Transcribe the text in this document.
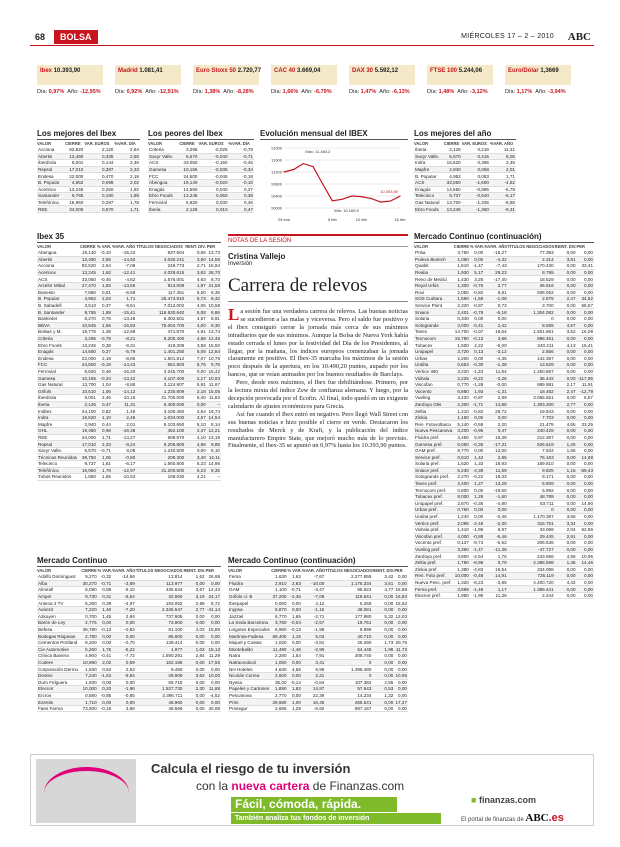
68	BOLSA	MIÉRCOLES 17 – 2 – 2010 ABC
Ibex 10.393,90
Día: 0,97% Año: -12,95%
Madrid 1.081,41
Día: 0,92% Año: -12,91%
Euro Stoxx 50 2.720,77
Día: 1,38% Año: -8,28%
CAC 40 3.669,04
Día: 1,66% Año: -6,79%
DAX 30 5.592,12
Día: 1,47% Año: -6,13%
FTSE 100 5.244,06
Día: 1,48% Año: -3,12%
Euro/Dólar 1,3669
Día: 1,17% Año: -3,94%
Los mejores del Ibex
VALOR	CIERRE	VAR. EUROS	%VAR. DÍA
Acciona	82,520	2,120	2,64
Abertis	13,490	0,335	2,55
Iberdrola	6,001	0,144	2,46
Repsol	17,010	0,387	2,33
Endesa	22,000	0,470	2,18
B. Popular	4,952	0,098	2,02
Acerinox	13,245	0,250	1,92
Santander	9,765	0,180	1,88
Telefónica	16,950	0,297	1,78
REE	34,000	0,570	1,71
Los peores del Ibex
VALOR	CIERRE	VAR. EUROS	%VAR. DÍA
Criteria	3,295	-0,026	-0,78
Sacyr Valle.	5,570	-0,040	-0,71
ACS	33,050	-0,150	-0,45
Gamesa	10,155	-0,035	-0,34
FCC	24,500	-0,045	-0,18
Abengoa	19,140	-0,020	-0,10
Enagás	14,550	0,040	0,27
Ebro Foods	13,245	0,050	0,38
Ferrovial	6,620	0,030	0,46
Iberia	2,126	0,010	0,47
Evolución mensual del IBEX
12000
11600
11200
10800
10400
10000
29 ene	5 feb	10 feb	16 feb
Máx: 11.483,2
Mín: 10.169,9
10.393,90
Los mejores del año
VALOR	CIERRE	VAR. EUROS	%VAR. AÑO
Iberia	2,126	0,216	11,31
Sacyr Valle.	5,570	0,415	8,05
Indra	16,520	0,395	2,45
Mapfre	2,940	0,058	2,01
B. Popular	4,952	0,083	1,71
ACS	33,050	-1,600	-4,62
Enagás	14,550	-0,895	-5,79
Telecinco	9,737	-0,640	-6,17
Gas Natural	13,700	-1,335	-8,88
Ebro Foods	13,245	-1,360	-9,31
Ibex 35
VALOR	CIERRE	% VAR.	%VAR. AÑO	TÍTULOS NEGOCIADOS	RENT. DIV.	PER
Abengoa	19,140	-0,10	-15,22	837.504	0,65	13,73
Abertis	13,490	2,55	-14,50	4.030.241	3,50	14,55
Acciona	82,520	2,64	-7,06	249.773	2,71	16,94
Acerinox	13,245	1,92	-12,41	4.028.615	3,62	28,70
ACS	33,050	-0,45	-4,62	1.576.001	4,63	8,73
Arcelor Mittal	27,470	1,82	-13,55	913.008	1,97	21,58
Banesto	7,880	0,51	-6,59	117.451	5,50	8,35
B. Popular	4,952	2,02	1,71	25.474.910	5,73	9,32
B. Sabadell	3,513	0,37	-9,51	7.012.002	4,05	10,58
B. Santander	9,765	1,88	-15,41	116.830.640	6,08	8,86
Bankinter	6,270	0,76	-13,48	6.302.501	4,57	8,91
BBVA	10,545	1,56	-16,83	75.004.700	4,00	9,30
Bolsas y M.	19,775	1,38	-12,69	471.870	4,91	13,74
Criteria	3,295	-0,78	-8,21	8.200.400	4,68	12,46
Ebro Foods	13,245	0,38	-9,31	419.308	3,58	15,50
Enagás	14,550	0,27	-5,79	1.401.250	5,08	12,84
Endesa	22,000	2,18	-8,85	1.501.812	7,07	10,76
FCC	24,500	-0,18	-14,43	681.803	5,76	9,76
Ferrovial	6,620	0,46	-16,20	3.245.700	0,00	15,42
Gamesa	10,155	-0,34	-13,42	4.107.400	2,17	10,93
Gas Natural	13,700	1,04	-8,88	3.124.907	5,91	11,67
Grifols	10,510	1,06	-14,12	1.230.809	2,18	15,05
Iberdrola	6,001	2,46	-10,15	41.700.000	5,40	11,83
Iberia	2,126	0,47	11,31	6.400.000	0,00	–
Inditex	44,100	0,82	1,49	3.100.450	2,64	19,74
Indra	16,520	1,10	2,45	1.034.000	3,57	14,54
Mapfre	2,940	0,44	2,01	9.103.650	5,10	8,14
OHL	19,480	0,98	-16,38	452.100	2,47	12,21
REE	34,000	1,71	-13,27	608.570	4,10	13,18
Repsol	17,010	2,33	-9,24	9.206.800	4,98	9,85
Sacyr Valle.	5,570	-0,71	8,05	1.240.500	0,00	8,10
Técnicas Reunidas	39,750	1,05	-0,80	208.300	3,40	12,11
Telecinco	9,737	1,81	-6,17	1.560.800	5,23	14,96
Telefónica	16,950	1,78	-12,97	31.200.500	6,23	9,35
Tubos Reunidos	1,850	1,65	-10,63	109.030	4,21	–
Mercado Continuo
VALOR	CIERRE	% VAR.	%VAR. AÑO	TÍTULOS NEGOCIADOS	REINT. DIV.	PER
Adolfo Domínguez	9,270	-0,32	-14,96	13.814	1,62	26,68
Alba	30,270	-0,71	-3,89	113.977	0,00	0,00
Almirall	8,090	0,88	-9,10	435.634	3,67	12,43
Amper	9,730	0,31	-5,54	32.660	3,19	24,17
Antena 3 TV	5,260	0,39	-4,97	193.062	2,99	8,72
Avánzit	7,220	1,40	-7,20	2.345.547	2,77	-41,14
Azkoyen	0,700	1,45	2,94	737.806	0,00	0,00
Barón de Ley	2,775	0,00	0,00	73.900	0,00	0,00
Befesa	38,780	-0,13	-0,82	81.100	4,03	15,88
Bodegas Riojanas	2,780	0,00	0,00	85.600	0,00	0,00
Cementos Portland	8,200	0,00	-0,70	139.414	0,00	0,00
Cie Automotive	5,260	1,75	-5,22	1.977	1,03	15,13
Clínica Baviera	4,900	-0,41	-7,72	1.590.291	2,84	11,29
Codere	10,890	2,02	0,59	182.188	0,00	17,55
Corporación Dermo.	1,630	0,62	2,52	9.450	0,00	0,00
Deoleo	7,240	-1,63	-9,84	28.909	3,63	10,00
Duro Felguera	1,930	0,00	0,00	65.715	0,00	0,00
Elecnor	10,000	0,20	-1,96	1.537.730	2,30	11,88
Ercros	0,580	-0,85	-0,85	2.396.711	0,00	-4,52
Ezentis	1,710	0,00	0,00	48.960	0,00	0,00
Faes Farma	73,600	-0,16	3,88	48.569	0,00	40,98
NOTAS DE LA SESIÓN
Cristina Vallejo
Inversión
Carrera de relevos

La sesión fue una verdadera carrera de relevos. Las buenas noticias se sucedieron a las malas y viceversa. Pero el saldo fue positivo y el Ibex consiguió cerrar la jornada más cerca de sus máximos intradiarios que de sus mínimos. Aunque la Bolsa de Nueva York había estado cerrada el lunes por la festividad del Día de los Presidentes, al llegar, por la mañana, los índices europeos comenzaban la jornada claramente en positivo. El Ibex-35 marcaba los máximos de la sesión poco después de la apertura, en los 10.490,20 puntos, aupado por los bancos, que se veían animados por los buenos resultados de Barclays.

Pero, desde esos máximos, el Ibex fue debilitándose. Primero, por la lectura mixta del índice Zew de confianza alemana. Y luego, por la decepción provocada por el Ecofin. Al final, todo quedó en un exigente calendario de ajustes económicos para Grecia.

Así fue cuando el Ibex entró en negativo. Pero llegó Wall Street con sus buenas noticias e hizo posible el cierre en verde. Destacaron los resultados de Merck y de Kraft, y la publicación del índice manufacturero Empire State, que mejoró mucho más de lo previsto. Finalmente, el Ibex-35 se apuntó un 0,97% hasta los 10.393,90 puntos.

Mercado Continuo (continuación)
VALOR	CIERRE	% VAR.	%VAR. AÑO	TÍTULOS NEGOCIADOS	REINT. DIV.	PER
Fersa	1,630	1,62	-7,67	2.277.855	3,42	0,00
Fluidra	2,910	2,83	-10,00	1.176.334	3,51	0,00
GAM	1,100	-0,71	-3,47	85.622	4,77	16,88
Grifols cl. B	37,200	-2,36	-7,08	118.641	0,00	16,83
Iberpapel	0,060	0,00	4,12	5.255	0,00	15,52
Inypsa	5,870	0,00	-1,15	48.081	0,00	0,00
Jazztel	6,770	1,65	-2,71	177.880	5,32	12,03
La Seda Barcelona	3,780	-0,04	-2,57	19.761	0,00	0,00
Lingotes Especiales	6,980	-0,13	-1,98	8.999	0,00	0,00
Martinsa-Fadesa	69,400	1,15	5,03	40.710	0,00	0,00
Miquel y Costas	1,020	0,00	-3,81	25.290	1,73	20,76
Montebalito	11,490	-1,46	-2,95	54.445	1,98	11,73
Natra	2,280	1,54	7,91	208.740	0,00	0,00
Natraceutical	1,050	0,00	3,41	0	0,00	0,00
NH Hoteles	4,630	4,55	9,95	1.396.480	0,00	0,00
Nicolás Correa	2,600	0,00	2,31	0	0,00	10,95
Nyesa	35,00	-0,14	-0,84	107.382	2,55	0,00
Papeles y Cartones	1,890	1,82	14,97	57.643	0,53	0,00
Pescanova	2,770	0,00	22,39	14.234	1,32	0,00
Prim	29,680	1,00	16,45	265.541	0,00	17,27
Prosegur	2,695	1,29	-6,92	887.157	0,00	0,00
Mercado Continuo (continuación)
VALOR	CIERRE	% VAR.	%VAR. AÑO	TÍTULOS NEGOCIADOS	REINT. DIV.	PER
Prisa	3,760	0,00	-15,27	77.393	0,00	0,00
Puleva Biotech	1,060	0,00	-4,32	2.314	3,61	0,00
Quabit	1,610	-1,47	-7,43	170.430	0,00	33,41
Realia	1,930	5,17	29,23	8.795	0,00	0,00
Reno de Medici	1,430	3,25	-17,40	18.529	0,00	0,00
Reyal Urbis	1,300	-0,76	2,77	36.816	0,00	0,00
Rovi	2,050	-0,82	5,81	935.052	0,00	0,00
SOS Cuétara	1,590	-1,58	-1,08	2.875	2,47	34,52
Service Point	2,320	-0,87	0,73	3.700	0,00	58,57
Sniace	2,401	-0,78	-6,18	1.304.082	0,00	0,00
Solaria	0,340	0,00	0,00	0	0,00	0,00
Sotogrande	3,000	-0,41	2,42	8.585	4,57	0,00
Tavex	14,700	-0,07	16,64	1.501.661	3,52	16,09
Tecnocom	15,780	-0,13	3,86	898.461	0,00	0,00
Tubacex	1,500	2,22	-6,00	240.211	4,13	16,41
Unipapel	3,720	0,13	-3,12	2.656	0,00	0,00
Urbas	2,200	0,00	-4,35	142.357	0,00	0,00
Uralita	0,653	-0,30	-1,38	13.629	0,00	0,00
Vertice 360	3,220	-1,23	11,64	1.450.667	0,00	0,00
Vidrala	2,225	-0,22	-3,26	36.442	0,00	-117,96
Viscofan	0,770	-1,28	-0,00	689.981	2,17	11,91
Vocento	6,880	1,93	-1,31	18.482	2,47	-12,79
Vueling	3,420	-0,87	2,99	3.065.551	0,00	6,57
Zardoya Otis	2,300	-1,71	14,85	1.303.200	2,77	0,00
Zeltia	1,210	-0,82	28,72	19.943	0,00	0,00
Zinkia	1,150	0,00	0,00	7.703	0,00	0,00
Ren. Fotovoltaica	5,140	-0,58	2,20	21.478	4,65	33,25
Nueva Pescanova	3,200	-0,95	0,47	240.429	0,00	0,00
Fluidra pref.	3,450	5,97	15,39	212.367	0,00	0,00
Gamesa pref.	6,060	-0,36	-17,31	526.519	1,25	0,00
GAM pref.	8,770	0,00	12,00	7.634	1,65	0,00
Service pref.	0,810	1,42	2,85	76.183	0,00	14,69
Solaria pref.	1,520	1,33	18,93	169.810	0,00	0,00
Sniace pref.	5,230	-4,38	11,69	9.825	1,15	-59,43
Sotogrande pref.	2,270	-0,22	18,33	9.171	0,00	0,00
Tavex pref.	2,400	1,27	13,29	6.609	0,00	0,00
Tecnocom pref.	0,800	0,00	-19,60	5.992	0,00	0,00
Tubacex pref.	8,000	1,26	-1,60	48.789	0,00	0,00
Unipapel pref.	2,870	-0,35	-4,80	63.711	0,00	14,90
Urbas pref.	0,760	0,00	0,00	0	0,00	0,00
Uralita pref.	1,240	0,00	-0,46	1.170.387	3,65	0,00
Vertice pref.	2,095	-2,46	-2,30	315.751	3,34	0,00
Vidrala pref.	1,410	-1,98	6,97	33.069	2,04	62,56
Viscofan pref.	4,000	-0,88	-5,46	29.445	2,91	0,00
Vocento pref.	0,137	-8,74	-5,52	205.536	0,00	0,00
Vueling pref.	3,360	-1,47	-11,38	-47.727	0,00	0,00
Zardoya pref.	3,800	-2,54	1,76	243.666	4,55	10,95
Zeltia pref.	1,780	-8,98	0,79	2.386.598	1,45	14,46
Zinkia pref.	1,380	-4,83	16,54	334.098	0,00	0,00
Ren. Foto pref.	10,000	-0,48	14,91	725.119	0,00	0,00
Nueva Pesc. pref.	1,320	-8,23	-3,85	4.400.720	4,42	0,00
Fersa pref.	3,899	-1,49	1,17	1.389.441	0,00	0,00
Elecnor pref.	1,950	-1,98	11,36	2.244	0,00	0,00
Calcula el riesgo de tu inversión
con la nueva cartera de Finanzas.com
Fácil, cómoda, rápida.
También analiza tus fondos de inversión
■ finanzas.com
El portal de finanzas de ABC.es
